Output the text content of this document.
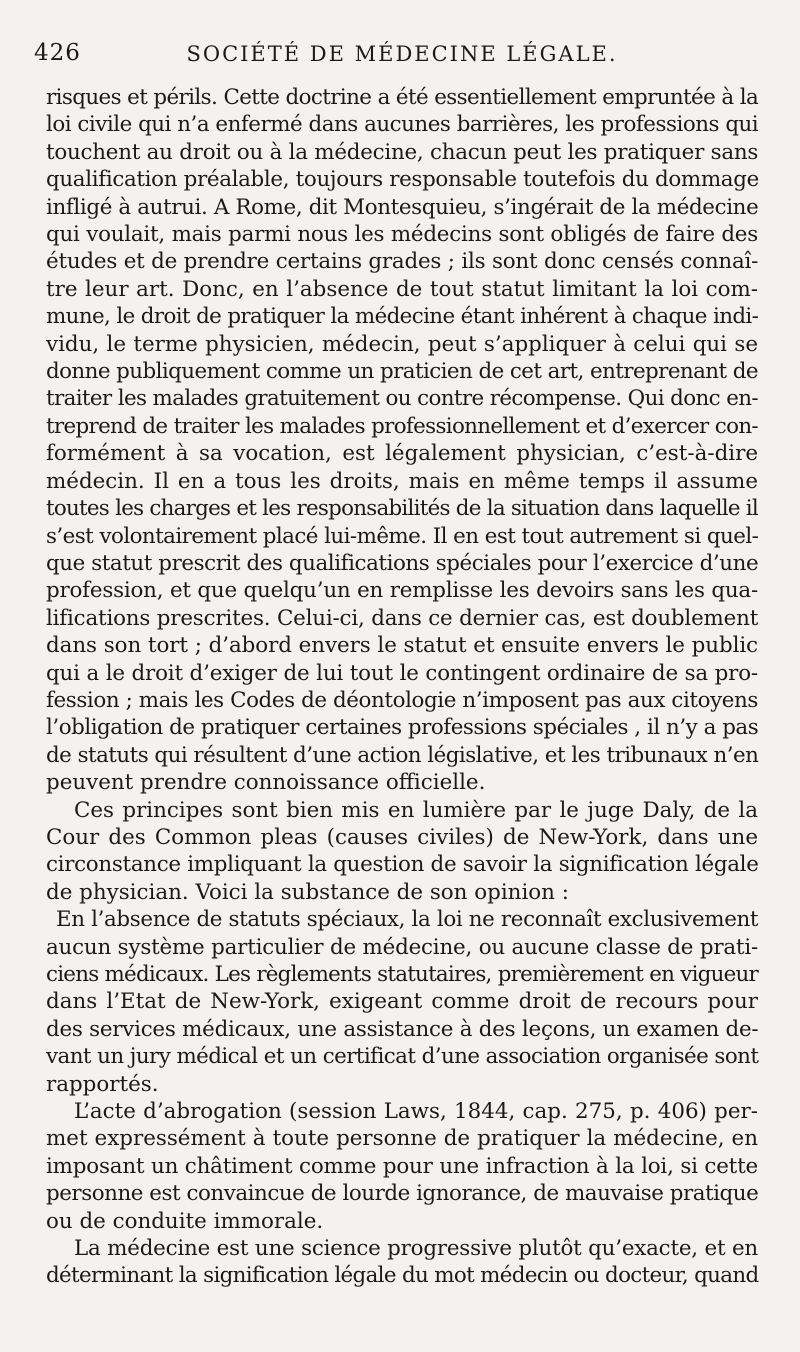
426	SOCIÉTÉ DE MÉDECINE LÉGALE.
risques et périls. Cette doctrine a été essentiellement empruntée à la
loi civile qui n’a enfermé dans aucunes barrières, les professions qui
touchent au droit ou à la médecine, chacun peut les pratiquer sans
qualification préalable, toujours responsable toutefois du dommage
infligé à autrui. A Rome, dit Montesquieu, s’ingérait de la médecine
qui voulait, mais parmi nous les médecins sont obligés de faire des
études et de prendre certains grades ; ils sont donc censés connaî-
tre leur art. Donc, en l’absence de tout statut limitant la loi com-
mune, le droit de pratiquer la médecine étant inhérent à chaque indi-
vidu, le terme physicien, médecin, peut s’appliquer à celui qui se
donne publiquement comme un praticien de cet art, entreprenant de
traiter les malades gratuitement ou contre récompense. Qui donc en-
treprend de traiter les malades professionnellement et d’exercer con-
formément à sa vocation, est légalement physician, c’est-à-dire
médecin. Il en a tous les droits, mais en même temps il assume
toutes les charges et les responsabilités de la situation dans laquelle il
s’est volontairement placé lui-même. Il en est tout autrement si quel-
que statut prescrit des qualifications spéciales pour l’exercice d’une
profession, et que quelqu’un en remplisse les devoirs sans les qua-
lifications prescrites. Celui-ci, dans ce dernier cas, est doublement
dans son tort ; d’abord envers le statut et ensuite envers le public
qui a le droit d’exiger de lui tout le contingent ordinaire de sa pro-
fession ; mais les Codes de déontologie n’imposent pas aux citoyens
l’obligation de pratiquer certaines professions spéciales , il n’y a pas
de statuts qui résultent d’une action législative, et les tribunaux n’en
peuvent prendre connoissance officielle.
Ces principes sont bien mis en lumière par le juge Daly, de la
Cour des Common pleas (causes civiles) de New-York, dans une
circonstance impliquant la question de savoir la signification légale
de physician. Voici la substance de son opinion :
En l’absence de statuts spéciaux, la loi ne reconnaît exclusivement
aucun système particulier de médecine, ou aucune classe de prati-
ciens médicaux. Les règlements statutaires, premièrement en vigueur
dans l’Etat de New-York, exigeant comme droit de recours pour
des services médicaux, une assistance à des leçons, un examen de-
vant un jury médical et un certificat d’une association organisée sont
rapportés.
L’acte d’abrogation (session Laws, 1844, cap. 275, p. 406) per-
met expressément à toute personne de pratiquer la médecine, en
imposant un châtiment comme pour une infraction à la loi, si cette
personne est convaincue de lourde ignorance, de mauvaise pratique
ou de conduite immorale.
La médecine est une science progressive plutôt qu’exacte, et en
déterminant la signification légale du mot médecin ou docteur, quand
